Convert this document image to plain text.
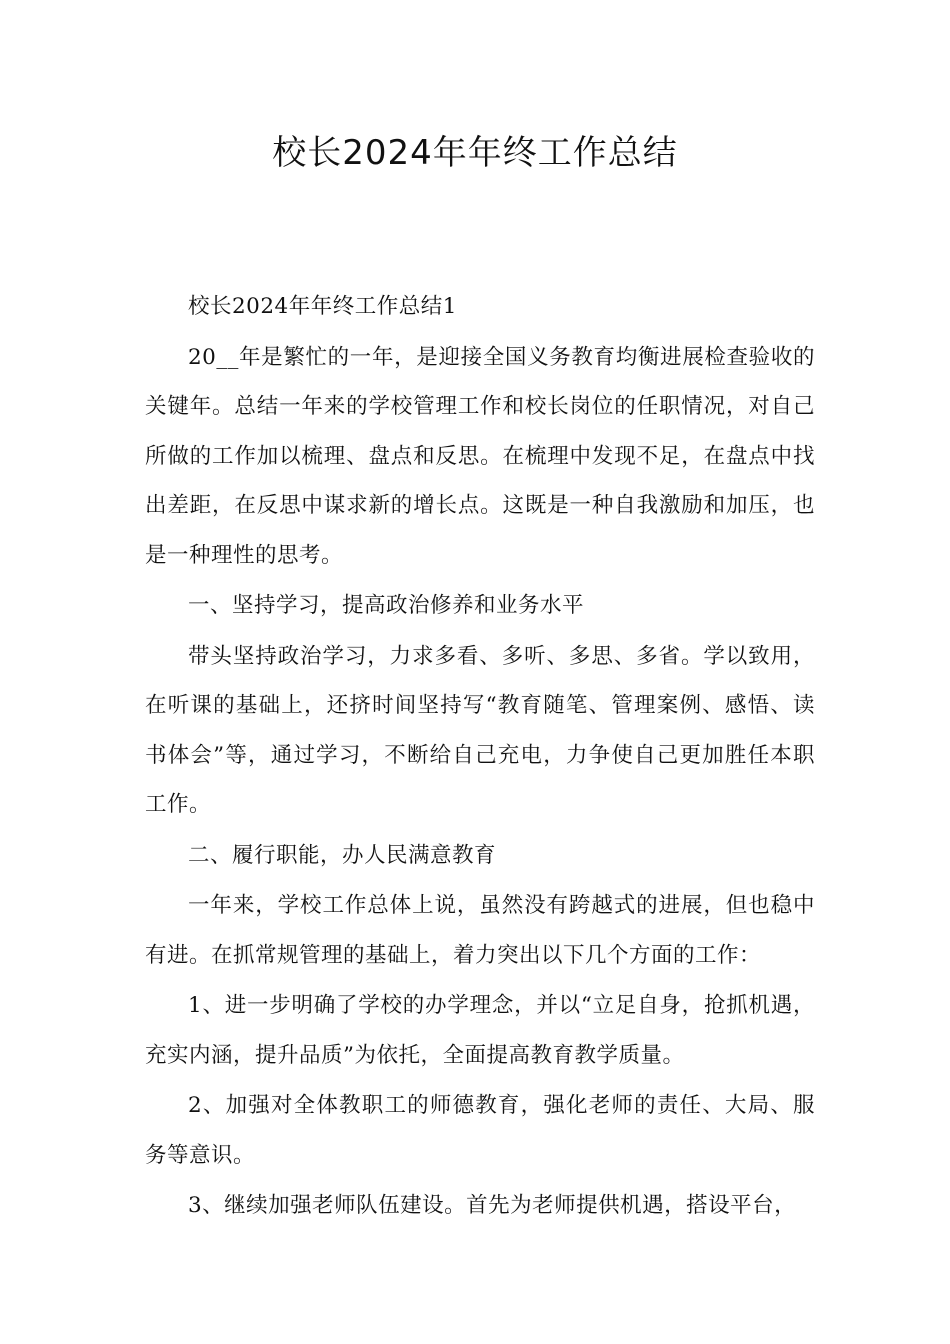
校长2024年年终工作总结

校长2024年年终工作总结1

20__年是繁忙的一年，是迎接全国义务教育均衡进展检查验收的关键年。总结一年来的学校管理工作和校长岗位的任职情况，对自己所做的工作加以梳理、盘点和反思。在梳理中发现不足，在盘点中找出差距，在反思中谋求新的增长点。这既是一种自我激励和加压，也是一种理性的思考。

一、坚持学习，提高政治修养和业务水平

带头坚持政治学习，力求多看、多听、多思、多省。学以致用，在听课的基础上，还挤时间坚持写“教育随笔、管理案例、感悟、读书体会”等，通过学习，不断给自己充电，力争使自己更加胜任本职工作。

二、履行职能，办人民满意教育

一年来，学校工作总体上说，虽然没有跨越式的进展，但也稳中有进。在抓常规管理的基础上，着力突出以下几个方面的工作：

1、进一步明确了学校的办学理念，并以“立足自身，抢抓机遇，充实内涵，提升品质”为依托，全面提高教育教学质量。

2、加强对全体教职工的师德教育，强化老师的责任、大局、服务等意识。

3、继续加强老师队伍建设。首先为老师提供机遇，搭设平台，
